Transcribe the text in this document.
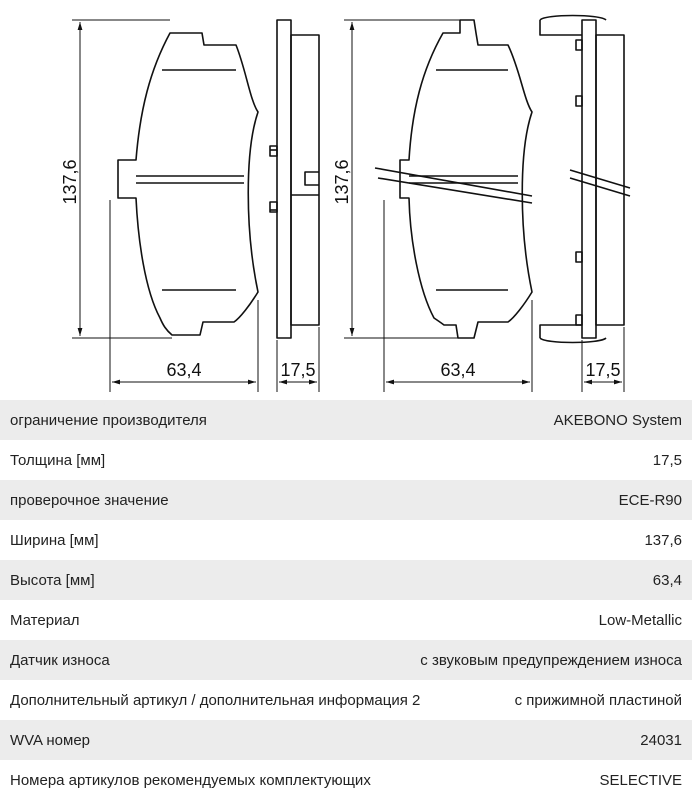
137,6	137,6
63,4	17,5	63,4	17,5
ограничение производителя	AKEBONO System
Толщина [мм]	17,5
проверочное значение	ECE-R90
Ширина [мм]	137,6
Высота [мм]	63,4
Материал	Low-Metallic
Датчик износа	с звуковым предупреждением износа
Дополнительный артикул / дополнительная информация 2	с прижимной пластиной
WVA номер	24031
Номера артикулов рекомендуемых комплектующих	SELECTIVE
